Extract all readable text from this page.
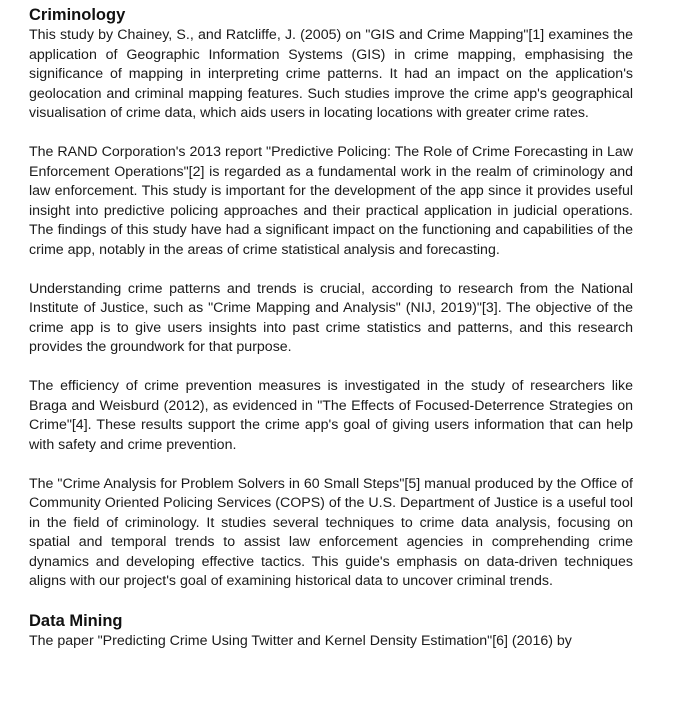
Criminology

This study by Chainey, S., and Ratcliffe, J. (2005) on "GIS and Crime Mapping"[1] examines the application of Geographic Information Systems (GIS) in crime mapping, emphasising the significance of mapping in interpreting crime patterns. It had an impact on the application's geolocation and criminal mapping features. Such studies improve the crime app's geographical visualisation of crime data, which aids users in locating locations with greater crime rates.

The RAND Corporation's 2013 report "Predictive Policing: The Role of Crime Forecasting in Law Enforcement Operations"[2] is regarded as a fundamental work in the realm of criminology and law enforcement. This study is important for the development of the app since it provides useful insight into predictive policing approaches and their practical application in judicial operations. The findings of this study have had a significant impact on the functioning and capabilities of the crime app, notably in the areas of crime statistical analysis and forecasting.

Understanding crime patterns and trends is crucial, according to research from the National Institute of Justice, such as "Crime Mapping and Analysis" (NIJ, 2019)"[3]. The objective of the crime app is to give users insights into past crime statistics and patterns, and this research provides the groundwork for that purpose.

The efficiency of crime prevention measures is investigated in the study of researchers like Braga and Weisburd (2012), as evidenced in "The Effects of Focused-Deterrence Strategies on Crime"[4]. These results support the crime app's goal of giving users information that can help with safety and crime prevention.

The "Crime Analysis for Problem Solvers in 60 Small Steps"[5] manual produced by the Office of Community Oriented Policing Services (COPS) of the U.S. Department of Justice is a useful tool in the field of criminology. It studies several techniques to crime data analysis, focusing on spatial and temporal trends to assist law enforcement agencies in comprehending crime dynamics and developing effective tactics. This guide's emphasis on data-driven techniques aligns with our project's goal of examining historical data to uncover criminal trends.

Data Mining

The paper "Predicting Crime Using Twitter and Kernel Density Estimation"[6] (2016) by
